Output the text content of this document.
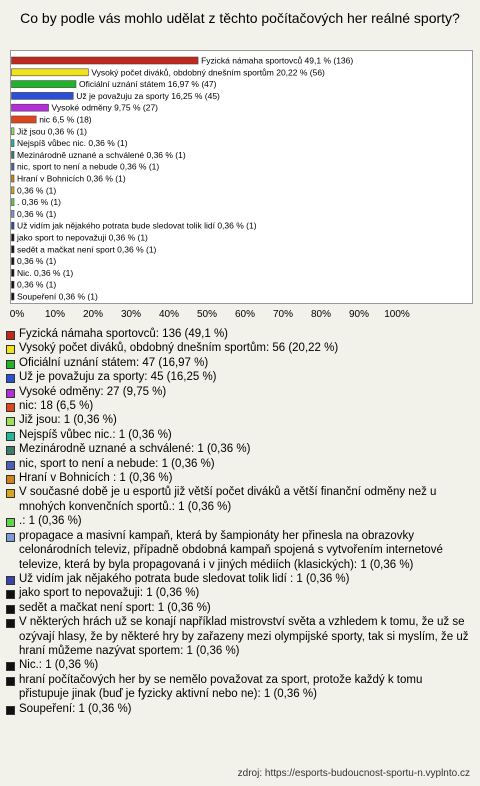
Co by podle vás mohlo udělat z těchto počítačových her reálné sporty?
Fyzická námaha sportovců 49,1 % (136)
Vysoký počet diváků, obdobný dnešním sportům 20,22 % (56)
Oficiální uznání státem 16,97 % (47)
Už je považuju za sporty 16,25 % (45)
Vysoké odměny 9,75 % (27)
nic 6,5 % (18)
Již jsou 0,36 % (1)
Nejspíš vůbec nic. 0,36 % (1)
Mezinárodně uznané a schválené 0,36 % (1)
nic, sport to není a nebude 0,36 % (1)
Hraní v Bohnicích 0,36 % (1)
0,36 % (1)
. 0,36 % (1)
0,36 % (1)
Už vidím jak nějakého potrata bude sledovat tolik lidí 0,36 % (1)
jako sport to nepovažuji 0,36 % (1)
sedět a mačkat není sport 0,36 % (1)
0,36 % (1)
Nic. 0,36 % (1)
0,36 % (1)
Soupeření 0,36 % (1)
0% 10% 20% 30% 40% 50% 60% 70% 80% 90% 100%
Fyzická námaha sportovců: 136 (49,1 %)
Vysoký počet diváků, obdobný dnešním sportům: 56 (20,22 %)
Oficiální uznání státem: 47 (16,97 %)
Už je považuju za sporty: 45 (16,25 %)
Vysoké odměny: 27 (9,75 %)
nic: 18 (6,5 %)
Již jsou: 1 (0,36 %)
Nejspíš vůbec nic.: 1 (0,36 %)
Mezinárodně uznané a schválené: 1 (0,36 %)
nic, sport to není a nebude: 1 (0,36 %)
Hraní v Bohnicích : 1 (0,36 %)
V současné době je u esportů již větší počet diváků a větší finanční odměny než u mnohých konvenčních sportů.: 1 (0,36 %)
.: 1 (0,36 %)
propagace a masivní kampaň, která by šampionáty her přinesla na obrazovky celonárodních televiz, případně obdobná kampaň spojená s vytvořením internetové televize, která by byla propagovaná i v jiných médiích (klasických): 1 (0,36 %)
Už vidím jak nějakého potrata bude sledovat tolik lidí : 1 (0,36 %)
jako sport to nepovažuji: 1 (0,36 %)
sedět a mačkat není sport: 1 (0,36 %)
V některých hrách už se konají například mistrovství světa a vzhledem k tomu, že už se ozývají hlasy, že by některé hry by zařazeny mezi olympijské sporty, tak si myslím, že už hraní můžeme nazývat sportem: 1 (0,36 %)
Nic.: 1 (0,36 %)
hraní počítačových her by se nemělo považovat za sport, protože každý k tomu přistupuje jinak (buď je fyzicky aktivní nebo ne): 1 (0,36 %)
Soupeření: 1 (0,36 %)
zdroj: https://esports-budoucnost-sportu-n.vyplnto.cz
